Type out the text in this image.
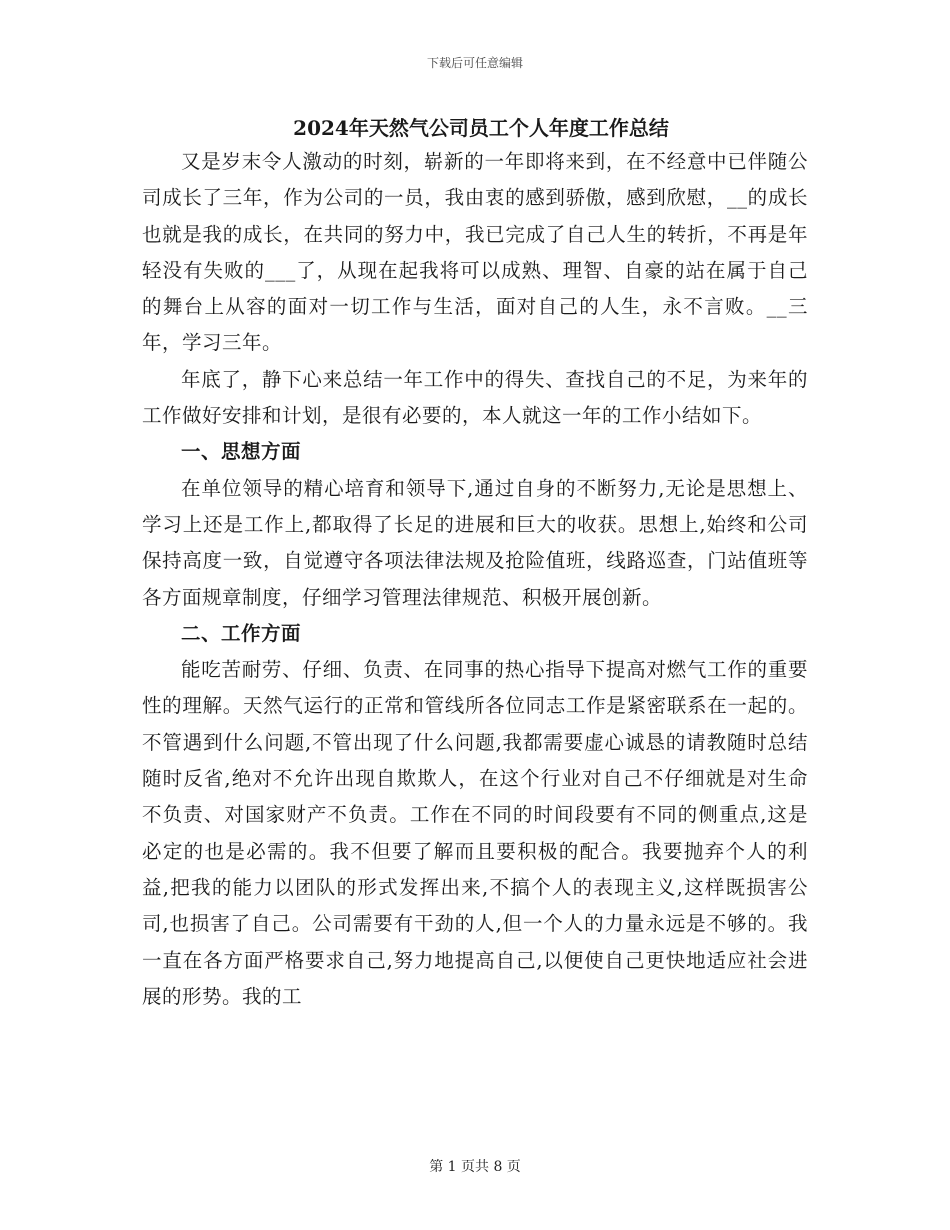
下载后可任意编辑
2024年天然气公司员工个人年度工作总结

又是岁末令人激动的时刻，崭新的一年即将来到，在不经意中已伴随公司成长了三年，作为公司的一员，我由衷的感到骄傲，感到欣慰，__的成长也就是我的成长，在共同的努力中，我已完成了自己人生的转折，不再是年轻没有失败的___了，从现在起我将可以成熟、理智、自豪的站在属于自己的舞台上从容的面对一切工作与生活，面对自己的人生，永不言败。__三年，学习三年。

年底了，静下心来总结一年工作中的得失、查找自己的不足，为来年的工作做好安排和计划，是很有必要的，本人就这一年的工作小结如下。

一、思想方面

在单位领导的精心培育和领导下,通过自身的不断努力,无论是思想上、学习上还是工作上,都取得了长足的进展和巨大的收获。思想上,始终和公司保持高度一致，自觉遵守各项法律法规及抢险值班，线路巡查，门站值班等各方面规章制度，仔细学习管理法律规范、积极开展创新。

二、工作方面

能吃苦耐劳、仔细、负责、在同事的热心指导下提高对燃气工作的重要性的理解。天然气运行的正常和管线所各位同志工作是紧密联系在一起的。不管遇到什么问题,不管出现了什么问题,我都需要虚心诚恳的请教随时总结随时反省,绝对不允许出现自欺欺人，在这个行业对自己不仔细就是对生命不负责、对国家财产不负责。工作在不同的时间段要有不同的侧重点,这是必定的也是必需的。我不但要了解而且要积极的配合。我要抛弃个人的利益,把我的能力以团队的形式发挥出来,不搞个人的表现主义,这样既损害公司,也损害了自己。公司需要有干劲的人,但一个人的力量永远是不够的。我一直在各方面严格要求自己,努力地提高自己,以便使自己更快地适应社会进展的形势。我的工

第 1 页共 8 页
